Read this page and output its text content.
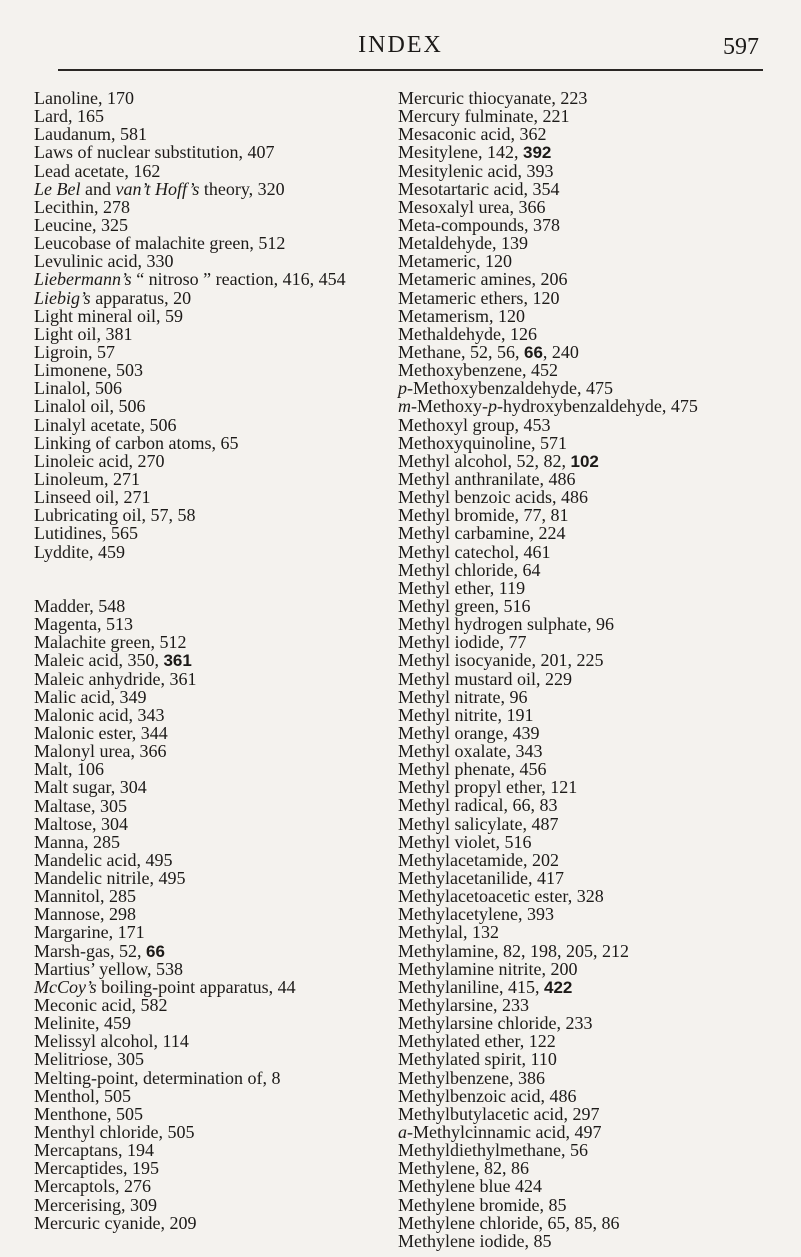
INDEX	597
Lanoline, 170
Lard, 165
Laudanum, 581
Laws of nuclear substitution, 407
Lead acetate, 162
Le Bel and van’t Hoff’s theory, 320
Lecithin, 278
Leucine, 325
Leucobase of malachite green, 512
Levulinic acid, 330
Liebermann’s “ nitroso ” reaction, 416, 454
Liebig’s apparatus, 20
Light mineral oil, 59
Light oil, 381
Ligroin, 57
Limonene, 503
Linalol, 506
Linalol oil, 506
Linalyl acetate, 506
Linking of carbon atoms, 65
Linoleic acid, 270
Linoleum, 271
Linseed oil, 271
Lubricating oil, 57, 58
Lutidines, 565
Lyddite, 459
Madder, 548
Magenta, 513
Malachite green, 512
Maleic acid, 350, 361
Maleic anhydride, 361
Malic acid, 349
Malonic acid, 343
Malonic ester, 344
Malonyl urea, 366
Malt, 106
Malt sugar, 304
Maltase, 305
Maltose, 304
Manna, 285
Mandelic acid, 495
Mandelic nitrile, 495
Mannitol, 285
Mannose, 298
Margarine, 171
Marsh-gas, 52, 66
Martius’ yellow, 538
McCoy’s boiling-point apparatus, 44
Meconic acid, 582
Melinite, 459
Melissyl alcohol, 114
Melitriose, 305
Melting-point, determination of, 8
Menthol, 505
Menthone, 505
Menthyl chloride, 505
Mercaptans, 194
Mercaptides, 195
Mercaptols, 276
Mercerising, 309
Mercuric cyanide, 209
Mercuric thiocyanate, 223
Mercury fulminate, 221
Mesaconic acid, 362
Mesitylene, 142, 392
Mesitylenic acid, 393
Mesotartaric acid, 354
Mesoxalyl urea, 366
Meta-compounds, 378
Metaldehyde, 139
Metameric, 120
Metameric amines, 206
Metameric ethers, 120
Metamerism, 120
Methaldehyde, 126
Methane, 52, 56, 66, 240
Methoxybenzene, 452
p-Methoxybenzaldehyde, 475
m-Methoxy-p-hydroxybenzaldehyde, 475
Methoxyl group, 453
Methoxyquinoline, 571
Methyl alcohol, 52, 82, 102
Methyl anthranilate, 486
Methyl benzoic acids, 486
Methyl bromide, 77, 81
Methyl carbamine, 224
Methyl catechol, 461
Methyl chloride, 64
Methyl ether, 119
Methyl green, 516
Methyl hydrogen sulphate, 96
Methyl iodide, 77
Methyl isocyanide, 201, 225
Methyl mustard oil, 229
Methyl nitrate, 96
Methyl nitrite, 191
Methyl orange, 439
Methyl oxalate, 343
Methyl phenate, 456
Methyl propyl ether, 121
Methyl radical, 66, 83
Methyl salicylate, 487
Methyl violet, 516
Methylacetamide, 202
Methylacetanilide, 417
Methylacetoacetic ester, 328
Methylacetylene, 393
Methylal, 132
Methylamine, 82, 198, 205, 212
Methylamine nitrite, 200
Methylaniline, 415, 422
Methylarsine, 233
Methylarsine chloride, 233
Methylated ether, 122
Methylated spirit, 110
Methylbenzene, 386
Methylbenzoic acid, 486
Methylbutylacetic acid, 297
a-Methylcinnamic acid, 497
Methyldiethylmethane, 56
Methylene, 82, 86
Methylene blue 424
Methylene bromide, 85
Methylene chloride, 65, 85, 86
Methylene iodide, 85
